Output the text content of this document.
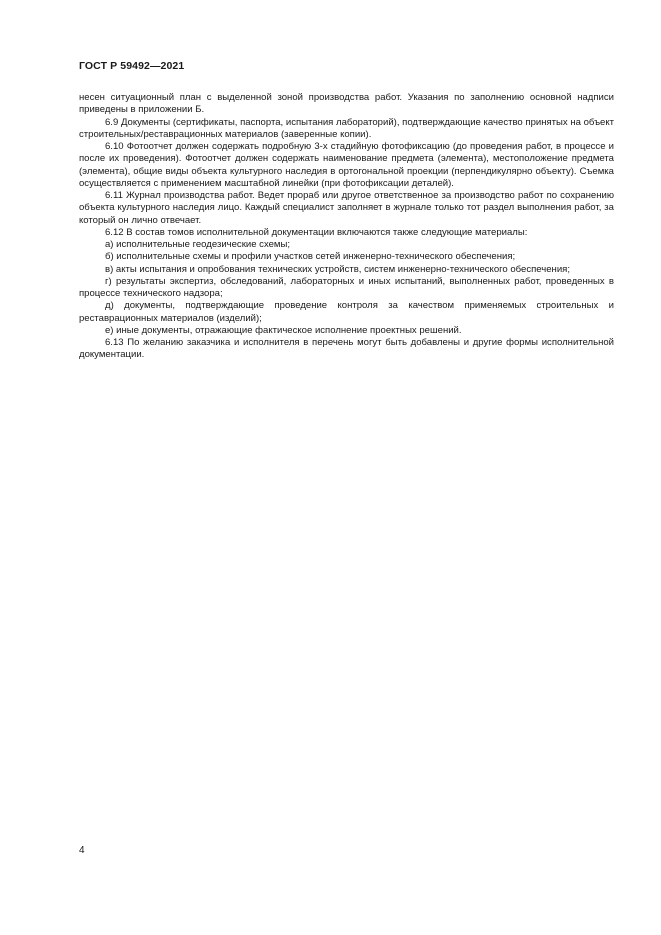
ГОСТ Р 59492—2021

несен ситуационный план с выделенной зоной производства работ. Указания по заполнению основной надписи приведены в приложении Б.

6.9 Документы (сертификаты, паспорта, испытания лабораторий), подтверждающие качество принятых на объект строительных/реставрационных материалов (заверенные копии).

6.10 Фотоотчет должен содержать подробную 3-х стадийную фотофиксацию (до проведения работ, в процессе и после их проведения). Фотоотчет должен содержать наименование предмета (элемента), местоположение предмета (элемента), общие виды объекта культурного наследия в ортогональной проекции (перпендикулярно объекту). Съемка осуществляется с применением масштабной линейки (при фотофиксации деталей).

6.11 Журнал производства работ. Ведет прораб или другое ответственное за производство работ по сохранению объекта культурного наследия лицо. Каждый специалист заполняет в журнале только тот раздел выполнения работ, за который он лично отвечает.

6.12 В состав томов исполнительной документации включаются также следующие материалы:

а) исполнительные геодезические схемы;

б) исполнительные схемы и профили участков сетей инженерно-технического обеспечения;

в) акты испытания и опробования технических устройств, систем инженерно-технического обеспечения;

г) результаты экспертиз, обследований, лабораторных и иных испытаний, выполненных работ, проведенных в процессе технического надзора;

д) документы, подтверждающие проведение контроля за качеством применяемых строительных и реставрационных материалов (изделий);

е) иные документы, отражающие фактическое исполнение проектных решений.

6.13 По желанию заказчика и исполнителя в перечень могут быть добавлены и другие формы исполнительной документации.

4
